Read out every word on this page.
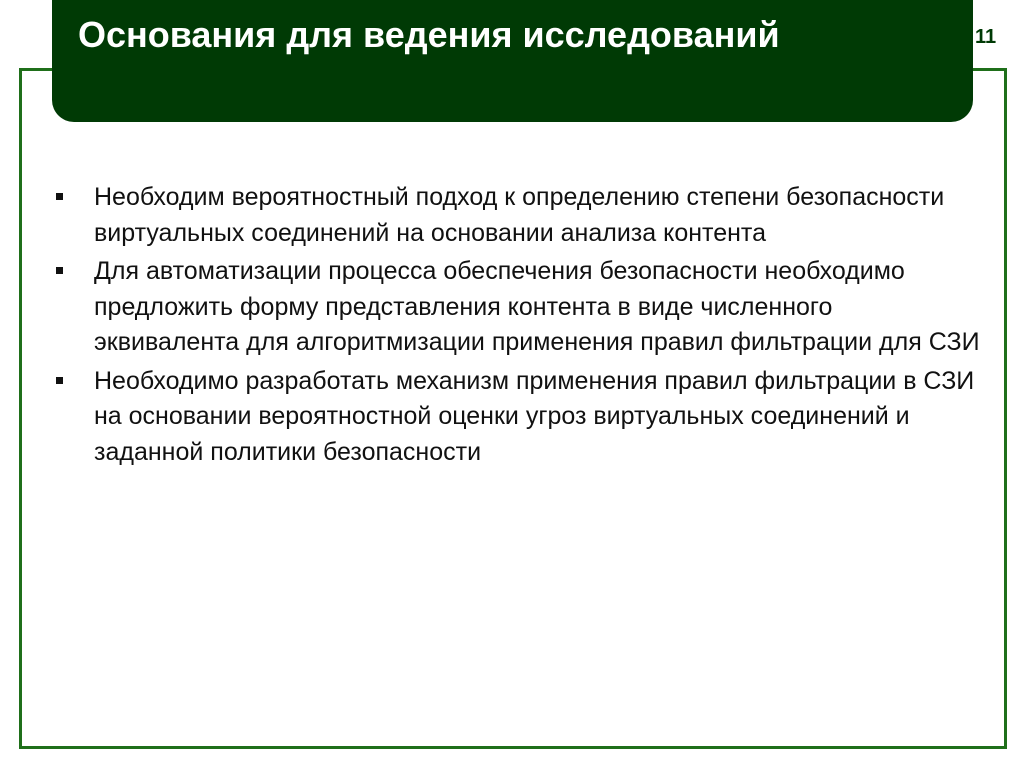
Основания для ведения исследований	11
Необходим вероятностный подход к определению степени безопасности виртуальных соединений на основании анализа контента
Для автоматизации процесса обеспечения безопасности необходимо предложить форму представления контента в виде численного эквивалента для алгоритмизации применения правил фильтрации для СЗИ
Необходимо разработать механизм применения правил фильтрации в СЗИ на основании вероятностной оценки угроз виртуальных соединений и заданной политики безопасности
